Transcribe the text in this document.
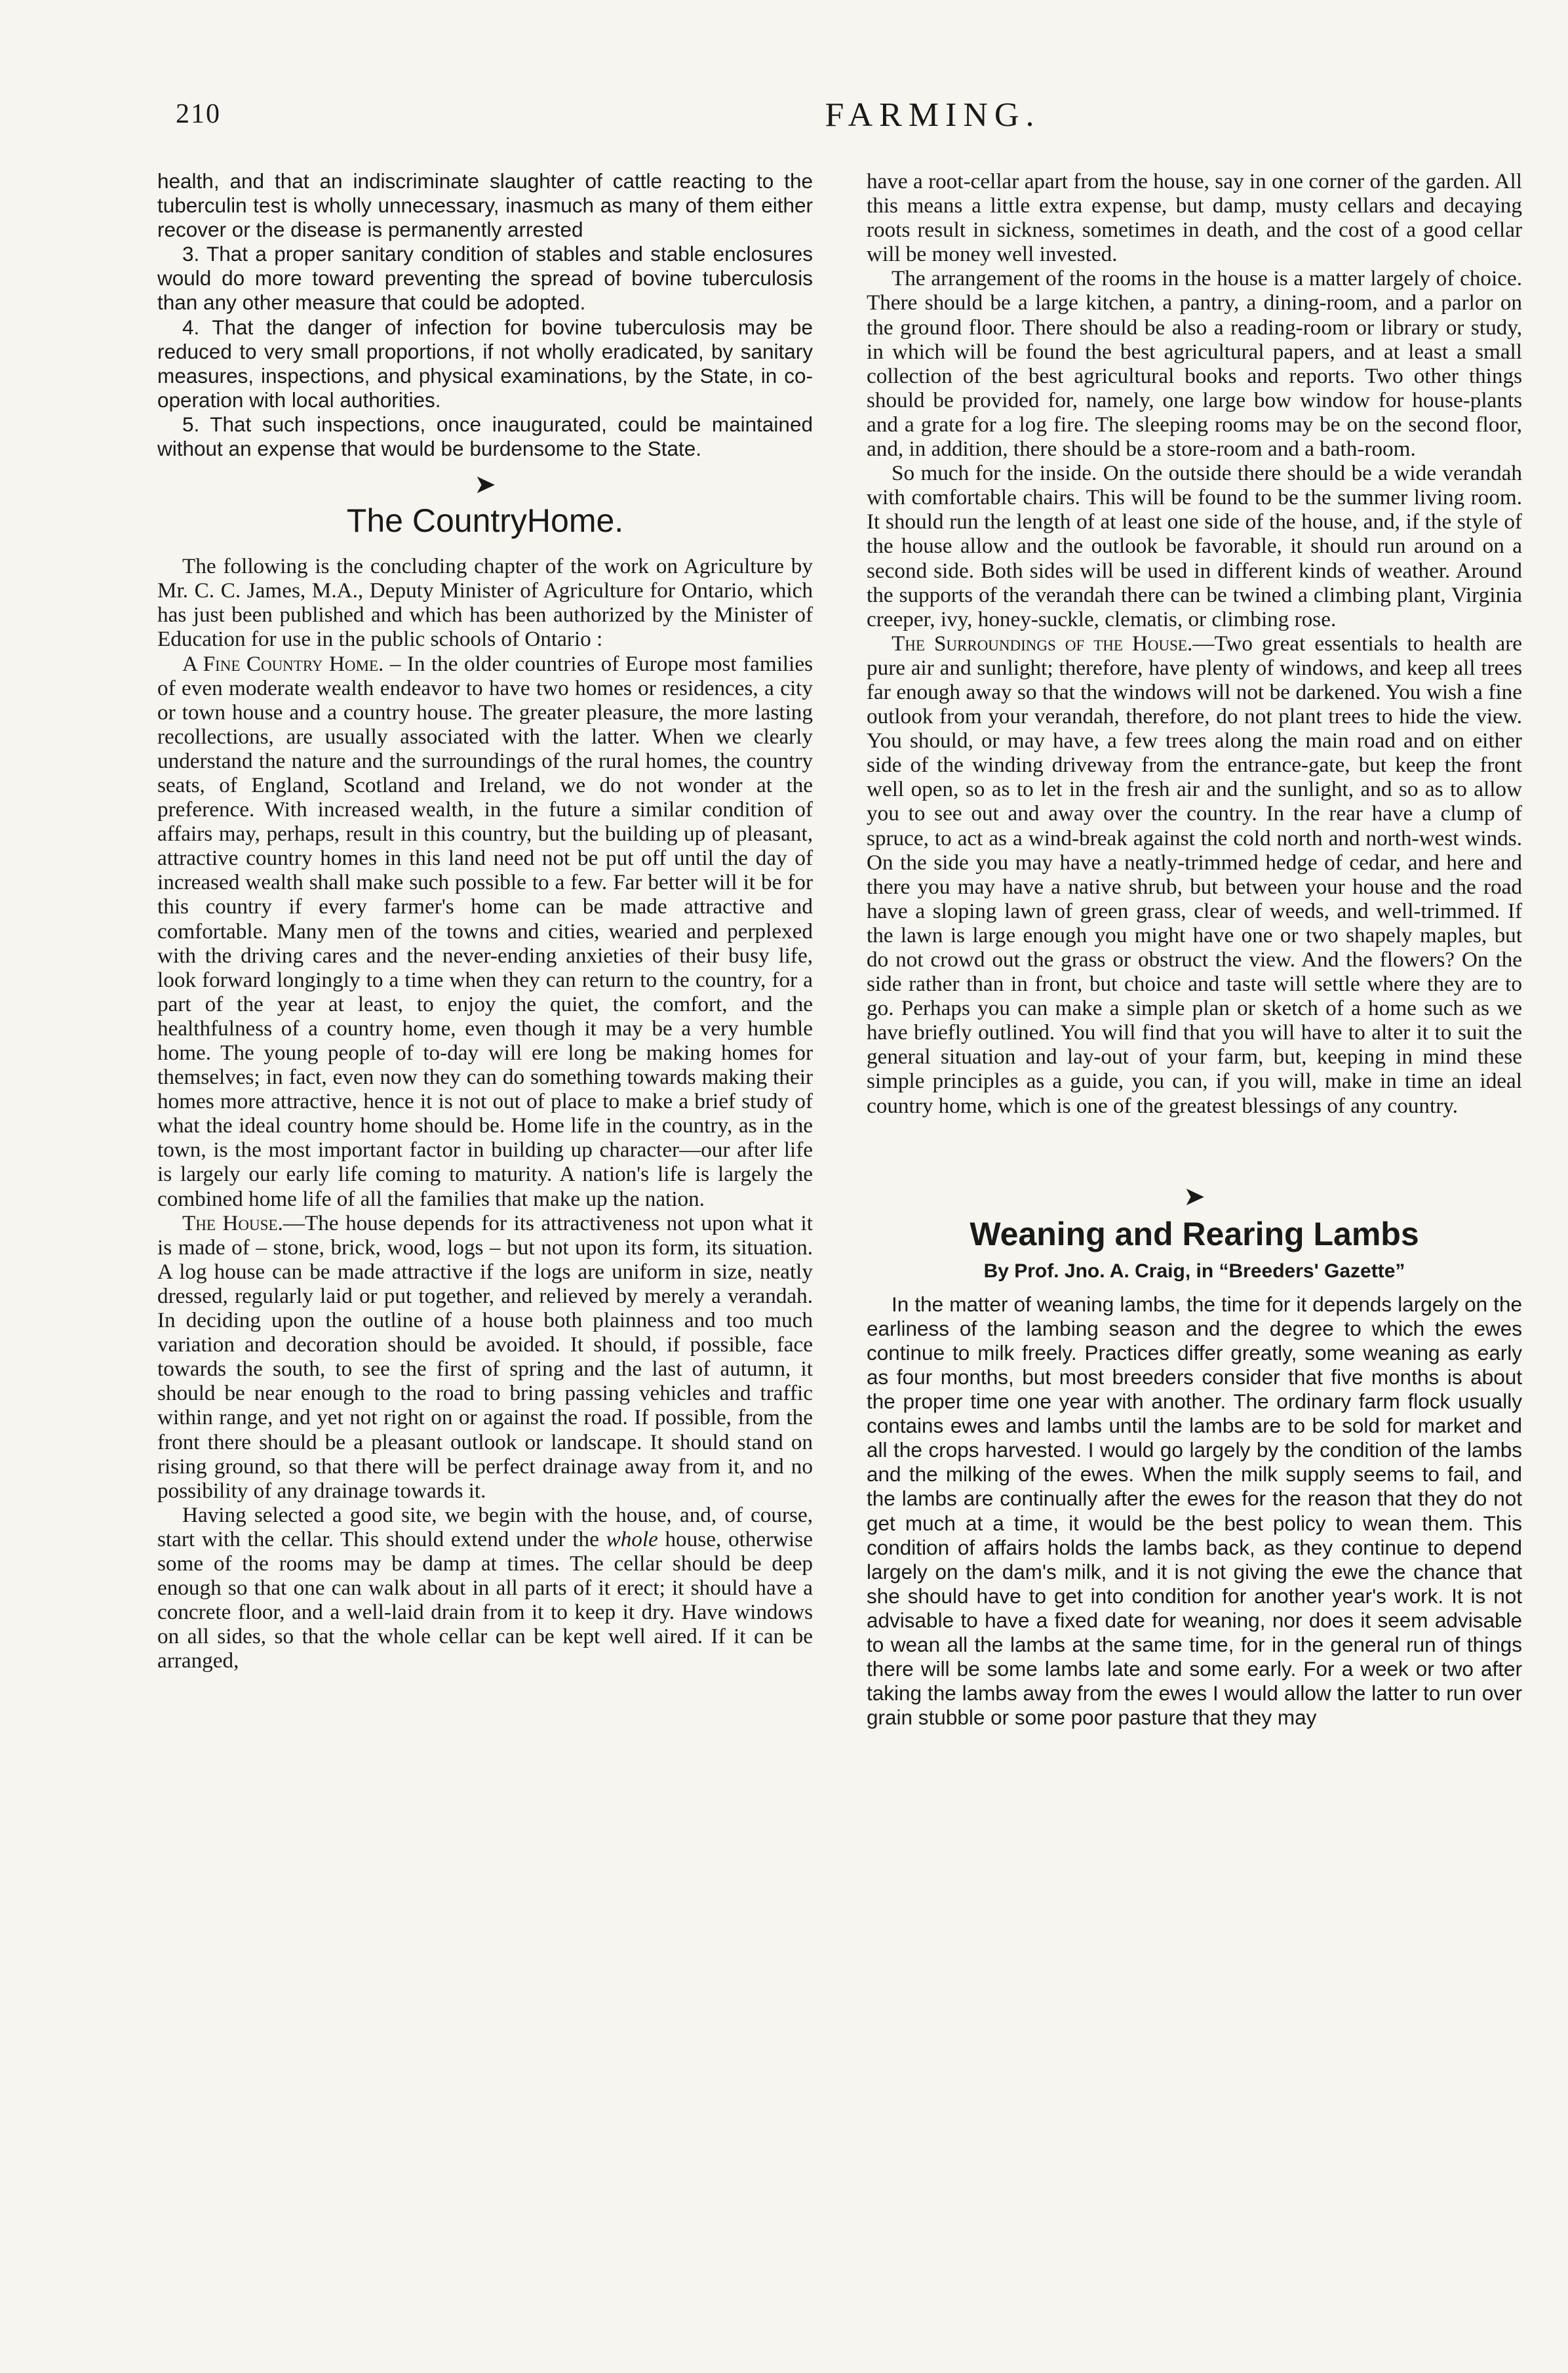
210	FARMING.

health, and that an indiscriminate slaughter of cattle reacting to the tuberculin test is wholly unnecessary, inasmuch as many of them either recover or the disease is permanently arrested

3. That a proper sanitary condition of stables and stable enclosures would do more toward preventing the spread of bovine tuberculosis than any other measure that could be adopted.

4. That the danger of infection for bovine tuberculosis may be reduced to very small proportions, if not wholly eradicated, by sanitary measures, inspections, and physical examinations, by the State, in co-operation with local authorities.

5. That such inspections, once inaugurated, could be maintained without an expense that would be burdensome to the State.

➤
The CountryHome.

The following is the concluding chapter of the work on Agriculture by Mr. C. C. James, M.A., Deputy Minister of Agriculture for Ontario, which has just been published and which has been authorized by the Minister of Education for use in the public schools of Ontario :

A Fine Country Home. – In the older countries of Europe most families of even moderate wealth endeavor to have two homes or residences, a city or town house and a country house. The greater pleasure, the more lasting recollections, are usually associated with the latter. When we clearly understand the nature and the surroundings of the rural homes, the country seats, of England, Scotland and Ireland, we do not wonder at the preference. With increased wealth, in the future a similar condition of affairs may, perhaps, result in this country, but the building up of pleasant, attractive country homes in this land need not be put off until the day of increased wealth shall make such possible to a few. Far better will it be for this country if every farmer's home can be made attractive and comfortable. Many men of the towns and cities, wearied and perplexed with the driving cares and the never-ending anxieties of their busy life, look forward longingly to a time when they can return to the country, for a part of the year at least, to enjoy the quiet, the comfort, and the healthfulness of a country home, even though it may be a very humble home. The young people of to-day will ere long be making homes for themselves; in fact, even now they can do something towards making their homes more attractive, hence it is not out of place to make a brief study of what the ideal country home should be. Home life in the country, as in the town, is the most important factor in building up character—our after life is largely our early life coming to maturity. A nation's life is largely the combined home life of all the families that make up the nation.

The House.—The house depends for its attractiveness not upon what it is made of – stone, brick, wood, logs – but not upon its form, its situation. A log house can be made attractive if the logs are uniform in size, neatly dressed, regularly laid or put together, and relieved by merely a verandah. In deciding upon the outline of a house both plainness and too much variation and decoration should be avoided. It should, if possible, face towards the south, to see the first of spring and the last of autumn, it should be near enough to the road to bring passing vehicles and traffic within range, and yet not right on or against the road. If possible, from the front there should be a pleasant outlook or landscape. It should stand on rising ground, so that there will be perfect drainage away from it, and no possibility of any drainage towards it.

Having selected a good site, we begin with the house, and, of course, start with the cellar. This should extend under the whole house, otherwise some of the rooms may be damp at times. The cellar should be deep enough so that one can walk about in all parts of it erect; it should have a concrete floor, and a well-laid drain from it to keep it dry. Have windows on all sides, so that the whole cellar can be kept well aired. If it can be arranged,

have a root-cellar apart from the house, say in one corner of the garden. All this means a little extra expense, but damp, musty cellars and decaying roots result in sickness, sometimes in death, and the cost of a good cellar will be money well invested.

The arrangement of the rooms in the house is a matter largely of choice. There should be a large kitchen, a pantry, a dining-room, and a parlor on the ground floor. There should be also a reading-room or library or study, in which will be found the best agricultural papers, and at least a small collection of the best agricultural books and reports. Two other things should be provided for, namely, one large bow window for house-plants and a grate for a log fire. The sleeping rooms may be on the second floor, and, in addition, there should be a store-room and a bath-room.

So much for the inside. On the outside there should be a wide verandah with comfortable chairs. This will be found to be the summer living room. It should run the length of at least one side of the house, and, if the style of the house allow and the outlook be favorable, it should run around on a second side. Both sides will be used in different kinds of weather. Around the supports of the verandah there can be twined a climbing plant, Virginia creeper, ivy, honey-suckle, clematis, or climbing rose.

The Surroundings of the House.—Two great essentials to health are pure air and sunlight; therefore, have plenty of windows, and keep all trees far enough away so that the windows will not be darkened. You wish a fine outlook from your verandah, therefore, do not plant trees to hide the view. You should, or may have, a few trees along the main road and on either side of the winding driveway from the entrance-gate, but keep the front well open, so as to let in the fresh air and the sunlight, and so as to allow you to see out and away over the country. In the rear have a clump of spruce, to act as a wind-break against the cold north and north-west winds. On the side you may have a neatly-trimmed hedge of cedar, and here and there you may have a native shrub, but between your house and the road have a sloping lawn of green grass, clear of weeds, and well-trimmed. If the lawn is large enough you might have one or two shapely maples, but do not crowd out the grass or obstruct the view. And the flowers? On the side rather than in front, but choice and taste will settle where they are to go. Perhaps you can make a simple plan or sketch of a home such as we have briefly outlined. You will find that you will have to alter it to suit the general situation and lay-out of your farm, but, keeping in mind these simple principles as a guide, you can, if you will, make in time an ideal country home, which is one of the greatest blessings of any country.

➤
Weaning and Rearing Lambs
By Prof. Jno. A. Craig, in “Breeders' Gazette”

In the matter of weaning lambs, the time for it depends largely on the earliness of the lambing season and the degree to which the ewes continue to milk freely. Practices differ greatly, some weaning as early as four months, but most breeders consider that five months is about the proper time one year with another. The ordinary farm flock usually contains ewes and lambs until the lambs are to be sold for market and all the crops harvested. I would go largely by the condition of the lambs and the milking of the ewes. When the milk supply seems to fail, and the lambs are continually after the ewes for the reason that they do not get much at a time, it would be the best policy to wean them. This condition of affairs holds the lambs back, as they continue to depend largely on the dam's milk, and it is not giving the ewe the chance that she should have to get into condition for another year's work. It is not advisable to have a fixed date for weaning, nor does it seem advisable to wean all the lambs at the same time, for in the general run of things there will be some lambs late and some early. For a week or two after taking the lambs away from the ewes I would allow the latter to run over grain stubble or some poor pasture that they may
